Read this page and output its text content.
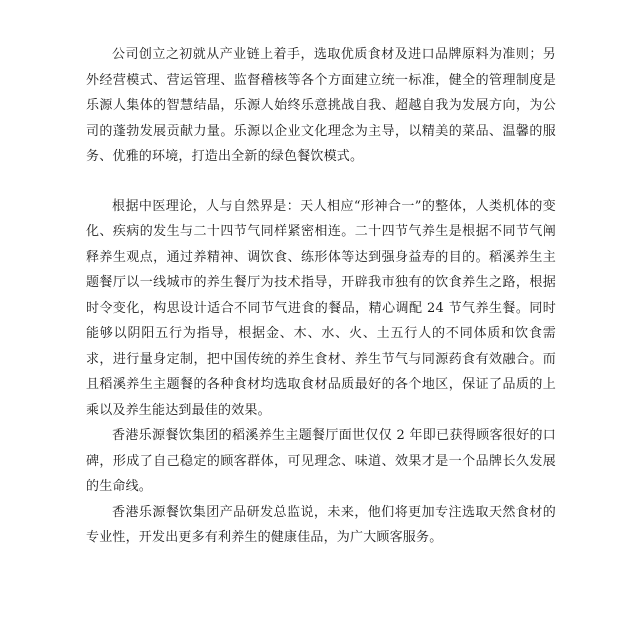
公司创立之初就从产业链上着手，选取优质食材及进口品牌原料为准则；另外经营模式、营运管理、监督稽核等各个方面建立统一标准，健全的管理制度是乐源人集体的智慧结晶，乐源人始终乐意挑战自我、超越自我为发展方向，为公司的蓬勃发展贡献力量。乐源以企业文化理念为主导，以精美的菜品、温馨的服务、优雅的环境，打造出全新的绿色餐饮模式。

根据中医理论，人与自然界是：天人相应“形神合一”的整体，人类机体的变化、疾病的发生与二十四节气同样紧密相连。二十四节气养生是根据不同节气阐释养生观点，通过养精神、调饮食、练形体等达到强身益寿的目的。稻溪养生主题餐厅以一线城市的养生餐厅为技术指导，开辟我市独有的饮食养生之路，根据时令变化，构思设计适合不同节气进食的餐品，精心调配 24 节气养生餐。同时能够以阴阳五行为指导，根据金、木、水、火、土五行人的不同体质和饮食需求，进行量身定制，把中国传统的养生食材、养生节气与同源药食有效融合。而且稻溪养生主题餐的各种食材均选取食材品质最好的各个地区，保证了品质的上乘以及养生能达到最佳的效果。

香港乐源餐饮集团的稻溪养生主题餐厅面世仅仅 2 年即已获得顾客很好的口碑，形成了自己稳定的顾客群体，可见理念、味道、效果才是一个品牌长久发展的生命线。

香港乐源餐饮集团产品研发总监说，未来，他们将更加专注选取天然食材的专业性，开发出更多有利养生的健康佳品，为广大顾客服务。
